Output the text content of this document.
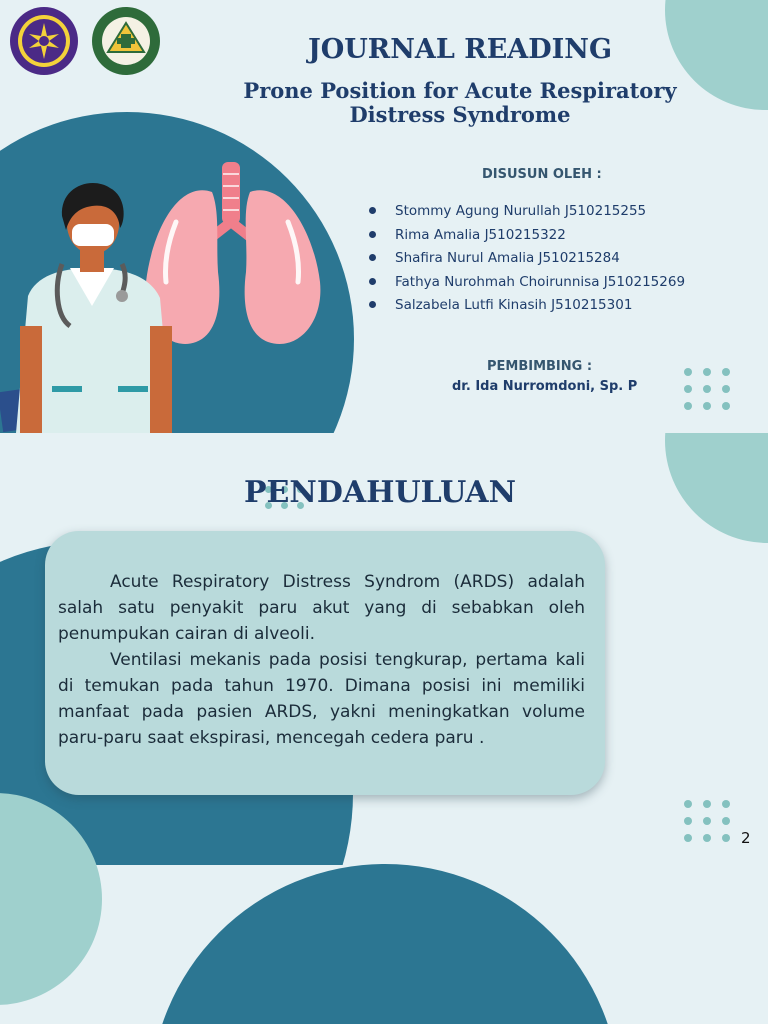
JOURNAL READING
Prone Position for Acute Respiratory Distress Syndrome
DISUSUN OLEH :
Stommy Agung Nurullah J510215255
Rima Amalia J510215322
Shafira Nurul Amalia J510215284
Fathya Nurohmah Choirunnisa J510215269
Salzabela Lutfi Kinasih J510215301
PEMBIMBING :
dr. Ida Nurromdoni, Sp. P
PENDAHULUAN

Acute Respiratory Distress Syndrom (ARDS) adalah salah satu penyakit paru akut yang di sebabkan oleh penumpukan cairan di alveoli.

Ventilasi mekanis pada posisi tengkurap, pertama kali di temukan pada tahun 1970. Dimana posisi ini memiliki manfaat pada pasien ARDS, yakni meningkatkan volume paru-paru saat ekspirasi, mencegah cedera paru .

2
